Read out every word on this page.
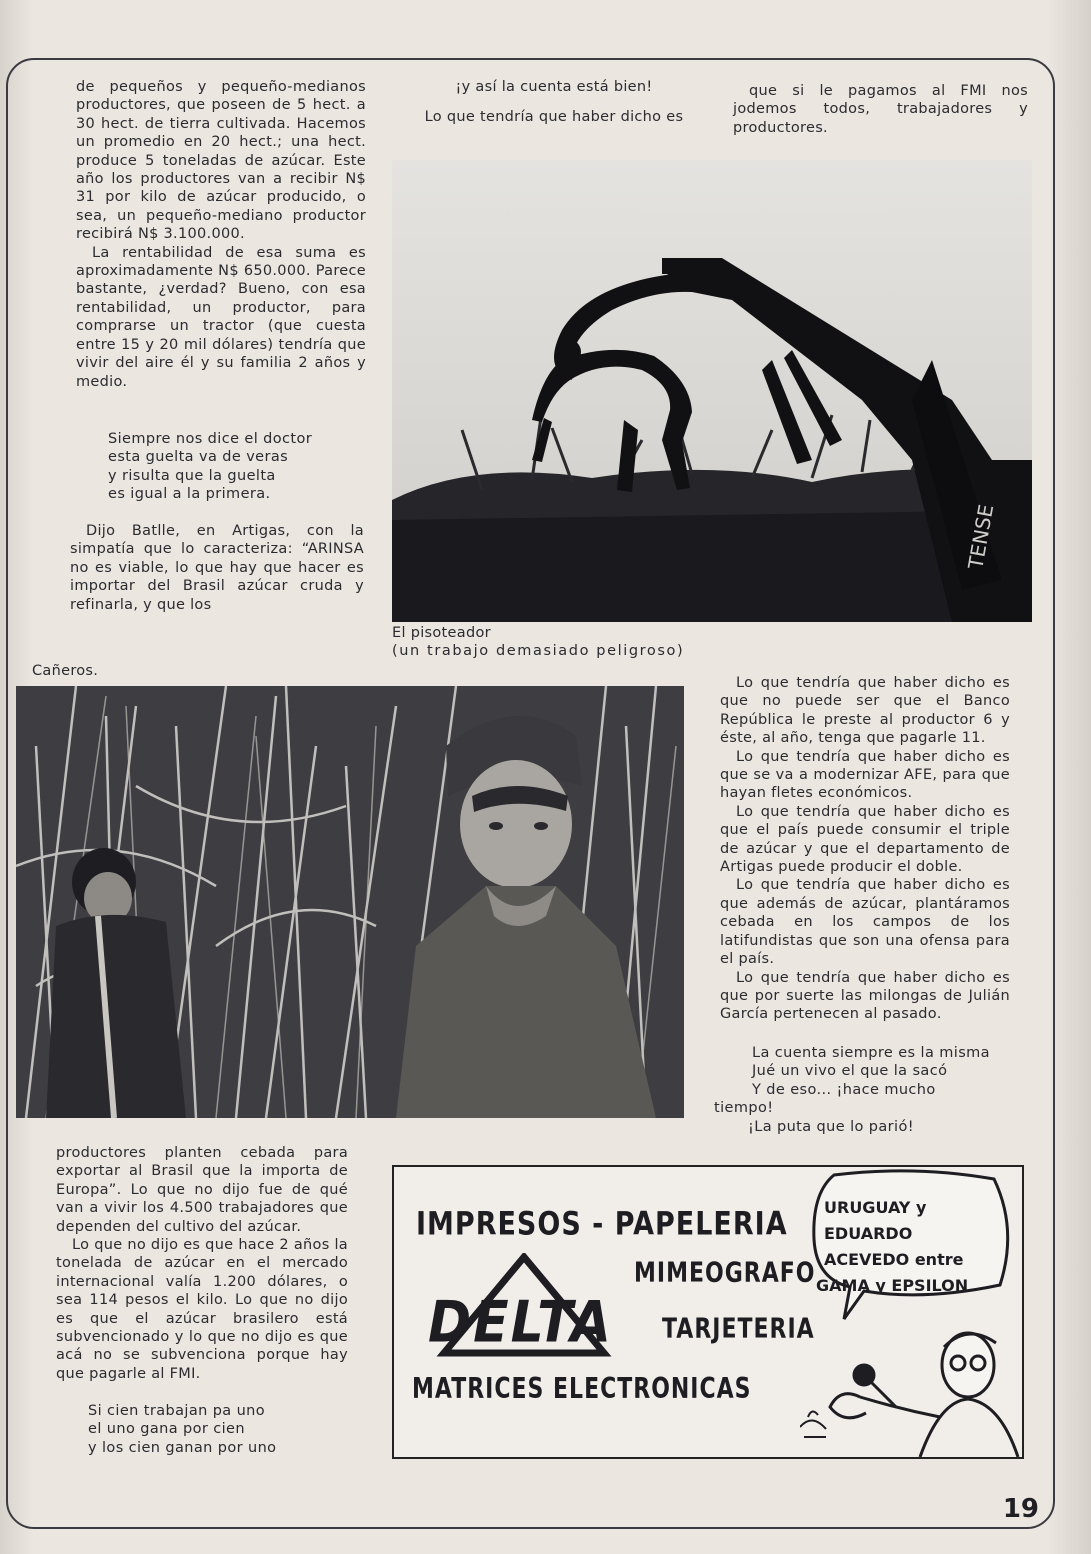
de pequeños y pequeño-medianos productores, que poseen de 5 hect. a 30 hect. de tierra cultivada. Hacemos un promedio en 20 hect.; una hect. produce 5 toneladas de azúcar. Este año los productores van a recibir N$ 31 por kilo de azúcar producido, o sea, un pequeño-mediano productor recibirá N$ 3.100.000.

La rentabilidad de esa suma es aproximadamente N$ 650.000. Parece bastante, ¿verdad? Bueno, con esa rentabilidad, un productor, para comprarse un tractor (que cuesta entre 15 y 20 mil dólares) tendría que vivir del aire él y su familia 2 años y medio.

Siempre nos dice el doctor
esta guelta va de veras
y risulta que la guelta
es igual a la primera.

Dijo Batlle, en Artigas, con la simpatía que lo caracteriza: “ARINSA no es viable, lo que hay que hacer es importar del Brasil azúcar cruda y refinarla, y que los

¡y así la cuenta está bien!
Lo que tendría que haber dicho es

que si le pagamos al FMI nos jodemos todos, trabajadores y productores.

TENSE
El pisoteador
(un trabajo demasiado peligroso)
Cañeros.

Lo que tendría que haber dicho es que no puede ser que el Banco República le preste al productor 6 y éste, al año, tenga que pagarle 11.

Lo que tendría que haber dicho es que se va a modernizar AFE, para que hayan fletes económicos.

Lo que tendría que haber dicho es que el país puede consumir el triple de azúcar y que el departamento de Artigas puede producir el doble.

Lo que tendría que haber dicho es que además de azúcar, plantáramos cebada en los campos de los latifundistas que son una ofensa para el país.

Lo que tendría que haber dicho es que por suerte las milongas de Julián García pertenecen al pasado.

La cuenta siempre es la misma
Jué un vivo el que la sacó
Y de eso... ¡hace mucho
tiempo!
¡La puta que lo parió!

productores planten cebada para exportar al Brasil que la importa de Europa”. Lo que no dijo fue de qué van a vivir los 4.500 trabajadores que dependen del cultivo del azúcar.

Lo que no dijo es que hace 2 años la tonelada de azúcar en el mercado internacional valía 1.200 dólares, o sea 114 pesos el kilo. Lo que no dijo es que el azúcar brasilero está subvencionado y lo que no dijo es que acá no se subvenciona porque hay que pagarle al FMI.

Si cien trabajan pa uno
el uno gana por cien
y los cien ganan por uno
IMPRESOS - PAPELERIA
MIMEOGRAFO
DELTA TARJETERIA
MATRICES ELECTRONICAS
URUGUAY y
EDUARDO
ACEVEDO entre
GAMA y EPSILON
19
